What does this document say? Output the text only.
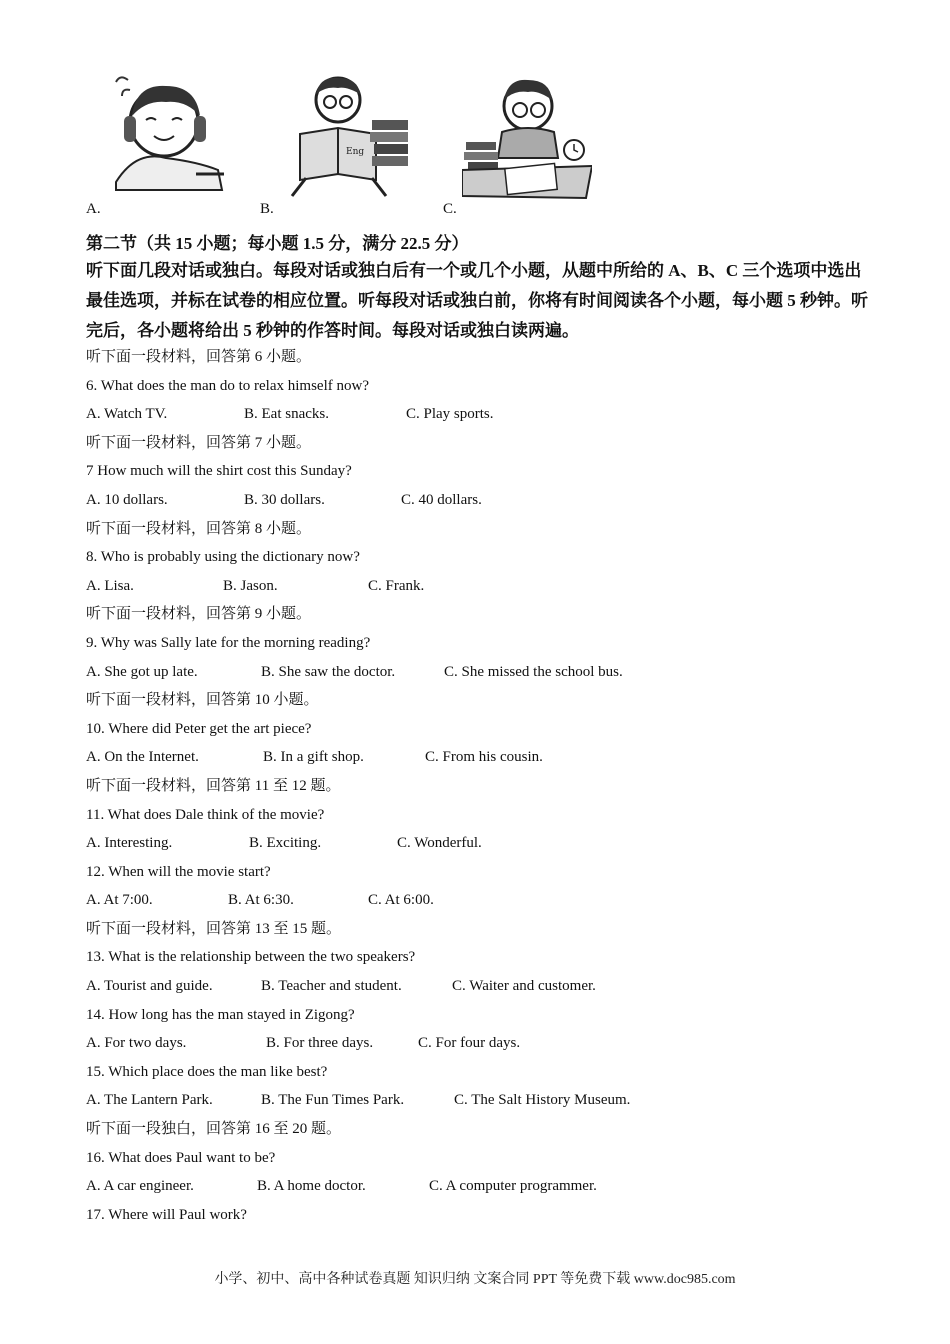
Eng
A.	B.	C.
第二节（共 15 小题；每小题 1.5 分，满分 22.5 分）
听下面几段对话或独白。每段对话或独白后有一个或几个小题，从题中所给的 A、B、C 三个选项中选出最佳选项，并标在试卷的相应位置。听每段对话或独白前，你将有时间阅读各个小题，每小题 5 秒钟。听完后，各小题将给出 5 秒钟的作答时间。每段对话或独白读两遍。
听下面一段材料，回答第 6 小题。
6. What does the man do to relax himself now?
A. Watch TV.	B. Eat snacks.	C. Play sports.
听下面一段材料，回答第 7 小题。
7 How much will the shirt cost this Sunday?
A. 10 dollars.	B. 30 dollars.	C. 40 dollars.
听下面一段材料，回答第 8 小题。
8. Who is probably using the dictionary now?
A. Lisa.	B. Jason.	C. Frank.
听下面一段材料，回答第 9 小题。
9. Why was Sally late for the morning reading?
A. She got up late.	B. She saw the doctor.	C. She missed the school bus.
听下面一段材料，回答第 10 小题。
10. Where did Peter get the art piece?
A. On the Internet.	B. In a gift shop.	C. From his cousin.
听下面一段材料，回答第 11 至 12 题。
11. What does Dale think of the movie?
A. Interesting.	B. Exciting.	C. Wonderful.
12. When will the movie start?
A. At 7:00.	B. At 6:30.	C. At 6:00.
听下面一段材料，回答第 13 至 15 题。
13. What is the relationship between the two speakers?
A. Tourist and guide.	B. Teacher and student.	C. Waiter and customer.
14. How long has the man stayed in Zigong?
A. For two days.	B. For three days.	C. For four days.
15. Which place does the man like best?
A. The Lantern Park.	B. The Fun Times Park.	C. The Salt History Museum.
听下面一段独白，回答第 16 至 20 题。
16. What does Paul want to be?
A. A car engineer.	B. A home doctor.	C. A computer programmer.
17. Where will Paul work?
小学、初中、高中各种试卷真题 知识归纳 文案合同 PPT 等免费下载 www.doc985.com
